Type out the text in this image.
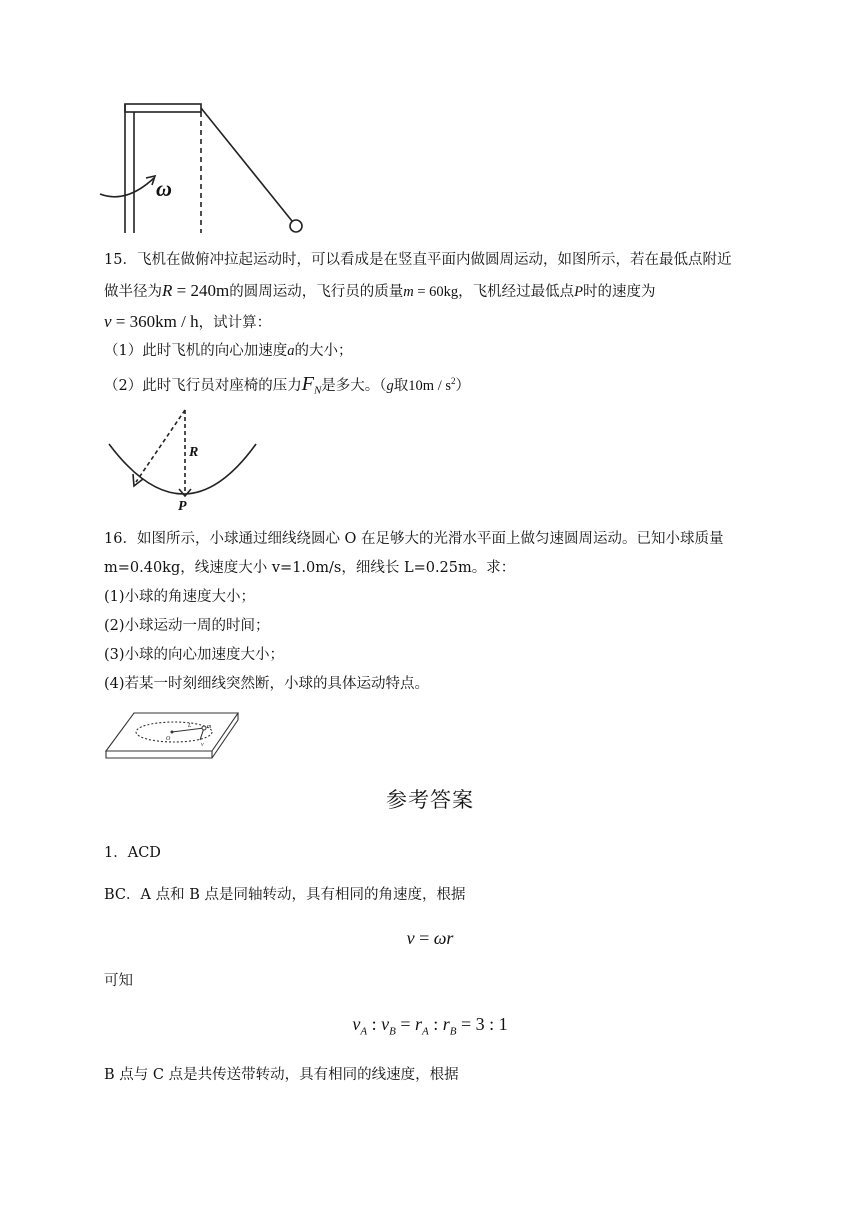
ω
15．飞机在做俯冲拉起运动时，可以看成是在竖直平面内做圆周运动，如图所示，若在最低点附近
做半径为R = 240m的圆周运动，飞行员的质量m = 60kg，飞机经过最低点P时的速度为
v = 360km / h，试计算：
（1）此时飞机的向心加速度a的大小；
（2）此时飞行员对座椅的压力$F_N$是多大。（g取$10m / s^2$）
R
P
16．如图所示，小球通过细线绕圆心 O 在足够大的光滑水平面上做匀速圆周运动。已知小球质量
m=0.40kg，线速度大小 v=1.0m/s，细线长 L=0.25m。求：
(1)小球的角速度大小；
(2)小球运动一周的时间；
(3)小球的向心加速度大小；
(4)若某一时刻细线突然断，小球的具体运动特点。
O
L	m
v
参考答案
1．ACD
BC．A 点和 B 点是同轴转动，具有相同的角速度，根据
v = ωr
可知
$v_A$ : $v_B = r_A$ : $r_B = 3$ : 1
B 点与 C 点是共传送带转动，具有相同的线速度，根据
